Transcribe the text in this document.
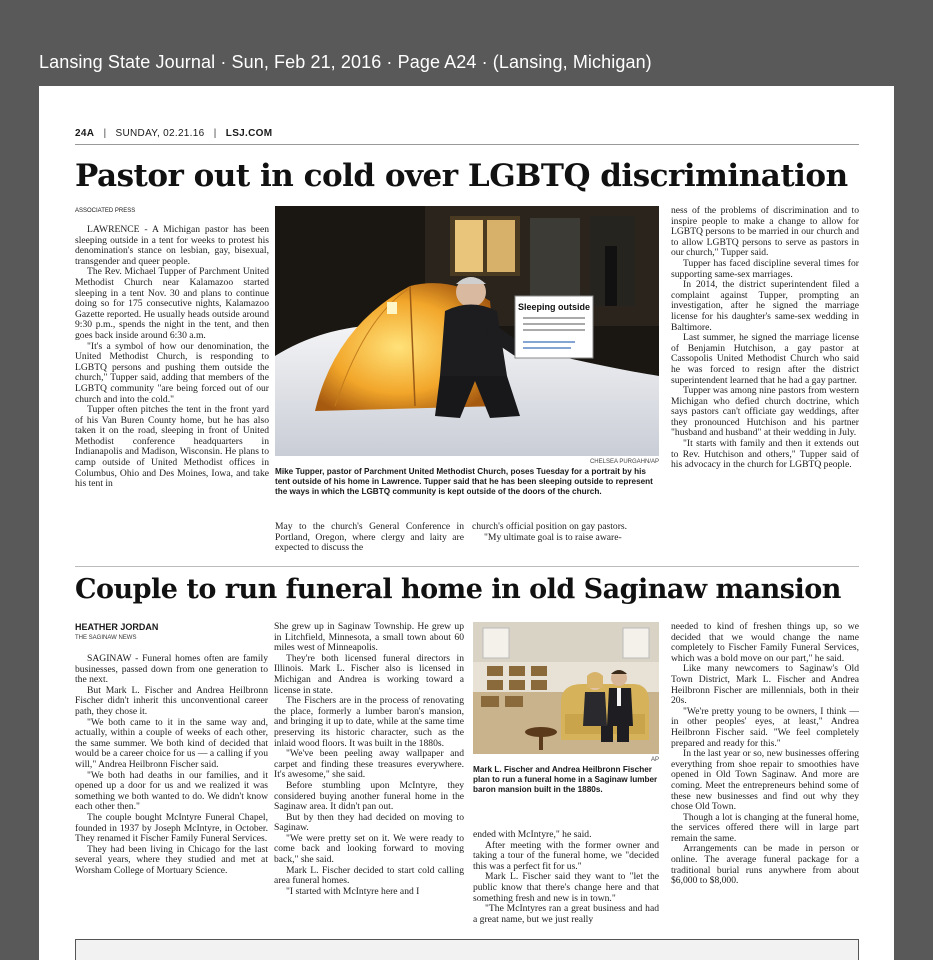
Lansing State Journal · Sun, Feb 21, 2016 · Page A24 · (Lansing, Michigan)
24A | SUNDAY, 02.21.16 | LSJ.COM
Pastor out in cold over LGBTQ discrimination
ASSOCIATED PRESS

LAWRENCE - A Michigan pastor has been sleeping outside in a tent for weeks to protest his denomination's stance on lesbian, gay, bisexual, transgender and queer people.

The Rev. Michael Tupper of Parchment United Methodist Church near Kalamazoo started sleeping in a tent Nov. 30 and plans to continue doing so for 175 consecutive nights, Kalamazoo Gazette reported. He usually heads outside around 9:30 p.m., spends the night in the tent, and then goes back inside around 6:30 a.m.

"It's a symbol of how our denomination, the United Methodist Church, is responding to LGBTQ persons and pushing them outside the church," Tupper said, adding that members of the LGBTQ community "are being forced out of our church and into the cold."

Tupper often pitches the tent in the front yard of his Van Buren County home, but he has also taken it on the road, sleeping in front of United Methodist conference headquarters in Indianapolis and Madison, Wisconsin. He plans to camp outside of United Methodist offices in Columbus, Ohio and Des Moines, Iowa, and take his tent in

Sleeping outside
CHELSEA PURGAHN/AP
Mike Tupper, pastor of Parchment United Methodist Church, poses Tuesday for a portrait by his tent outside of his home in Lawrence. Tupper said that he has been sleeping outside to represent the ways in which the LGBTQ community is kept outside of the doors of the church.

May to the church's General Conference in Portland, Oregon, where clergy and laity are expected to discuss the

church's official position on gay pastors.

"My ultimate goal is to raise aware-

ness of the problems of discrimination and to inspire people to make a change to allow for LGBTQ persons to be married in our church and to allow LGBTQ persons to serve as pastors in our church," Tupper said.

Tupper has faced discipline several times for supporting same-sex marriages.

In 2014, the district superintendent filed a complaint against Tupper, prompting an investigation, after he signed the marriage license for his daughter's same-sex wedding in Baltimore.

Last summer, he signed the marriage license of Benjamin Hutchison, a gay pastor at Cassopolis United Methodist Church who said he was forced to resign after the district superintendent learned that he had a gay partner.

Tupper was among nine pastors from western Michigan who defied church doctrine, which says pastors can't officiate gay weddings, after they pronounced Hutchison and his partner "husband and husband" at their wedding in July.

"It starts with family and then it extends out to Rev. Hutchison and others," Tupper said of his advocacy in the church for LGBTQ people.

Couple to run funeral home in old Saginaw mansion
HEATHER JORDAN
THE SAGINAW NEWS

SAGINAW - Funeral homes often are family businesses, passed down from one generation to the next.

But Mark L. Fischer and Andrea Heilbronn Fischer didn't inherit this unconventional career path, they chose it.

"We both came to it in the same way and, actually, within a couple of weeks of each other, the same summer. We both kind of decided that would be a career choice for us — a calling if you will," Andrea Heilbronn Fischer said.

"We both had deaths in our families, and it opened up a door for us and we realized it was something we both wanted to do. We didn't know each other then."

The couple bought McIntyre Funeral Chapel, founded in 1937 by Joseph McIntyre, in October. They renamed it Fischer Family Funeral Services.

They had been living in Chicago for the last several years, where they studied and met at Worsham College of Mortuary Science.

She grew up in Saginaw Township. He grew up in Litchfield, Minnesota, a small town about 60 miles west of Minneapolis.

They're both licensed funeral directors in Illinois. Mark L. Fischer also is licensed in Michigan and Andrea is working toward a license in state.

The Fischers are in the process of renovating the place, formerly a lumber baron's mansion, and bringing it up to date, while at the same time preserving its historic character, such as the inlaid wood floors. It was built in the 1880s.

"We've been peeling away wallpaper and carpet and finding these treasures everywhere. It's awesome," she said.

Before stumbling upon McIntyre, they considered buying another funeral home in the Saginaw area. It didn't pan out.

But by then they had decided on moving to Saginaw.

"We were pretty set on it. We were ready to come back and looking forward to moving back," she said.

Mark L. Fischer decided to start cold calling area funeral homes.

"I started with McIntyre here and I

AP
Mark L. Fischer and Andrea Heilbronn Fischer plan to run a funeral home in a Saginaw lumber baron mansion built in the 1880s.

ended with McIntyre," he said.

After meeting with the former owner and taking a tour of the funeral home, we "decided this was a perfect fit for us."

Mark L. Fischer said they want to "let the public know that there's change here and that something fresh and new is in town."

"The McIntyres ran a great business and had a great name, but we just really

needed to kind of freshen things up, so we decided that we would change the name completely to Fischer Family Funeral Services, which was a bold move on our part," he said.

Like many newcomers to Saginaw's Old Town District, Mark L. Fischer and Andrea Heilbronn Fischer are millennials, both in their 20s.

"We're pretty young to be owners, I think — in other peoples' eyes, at least," Andrea Heilbronn Fischer said. "We feel completely prepared and ready for this."

In the last year or so, new businesses offering everything from shoe repair to smoothies have opened in Old Town Saginaw. And more are coming. Meet the entrepreneurs behind some of these new businesses and find out why they chose Old Town.

Though a lot is changing at the funeral home, the services offered there will in large part remain the same.

Arrangements can be made in person or online. The average funeral package for a traditional burial runs anywhere from about $6,000 to $8,000.
